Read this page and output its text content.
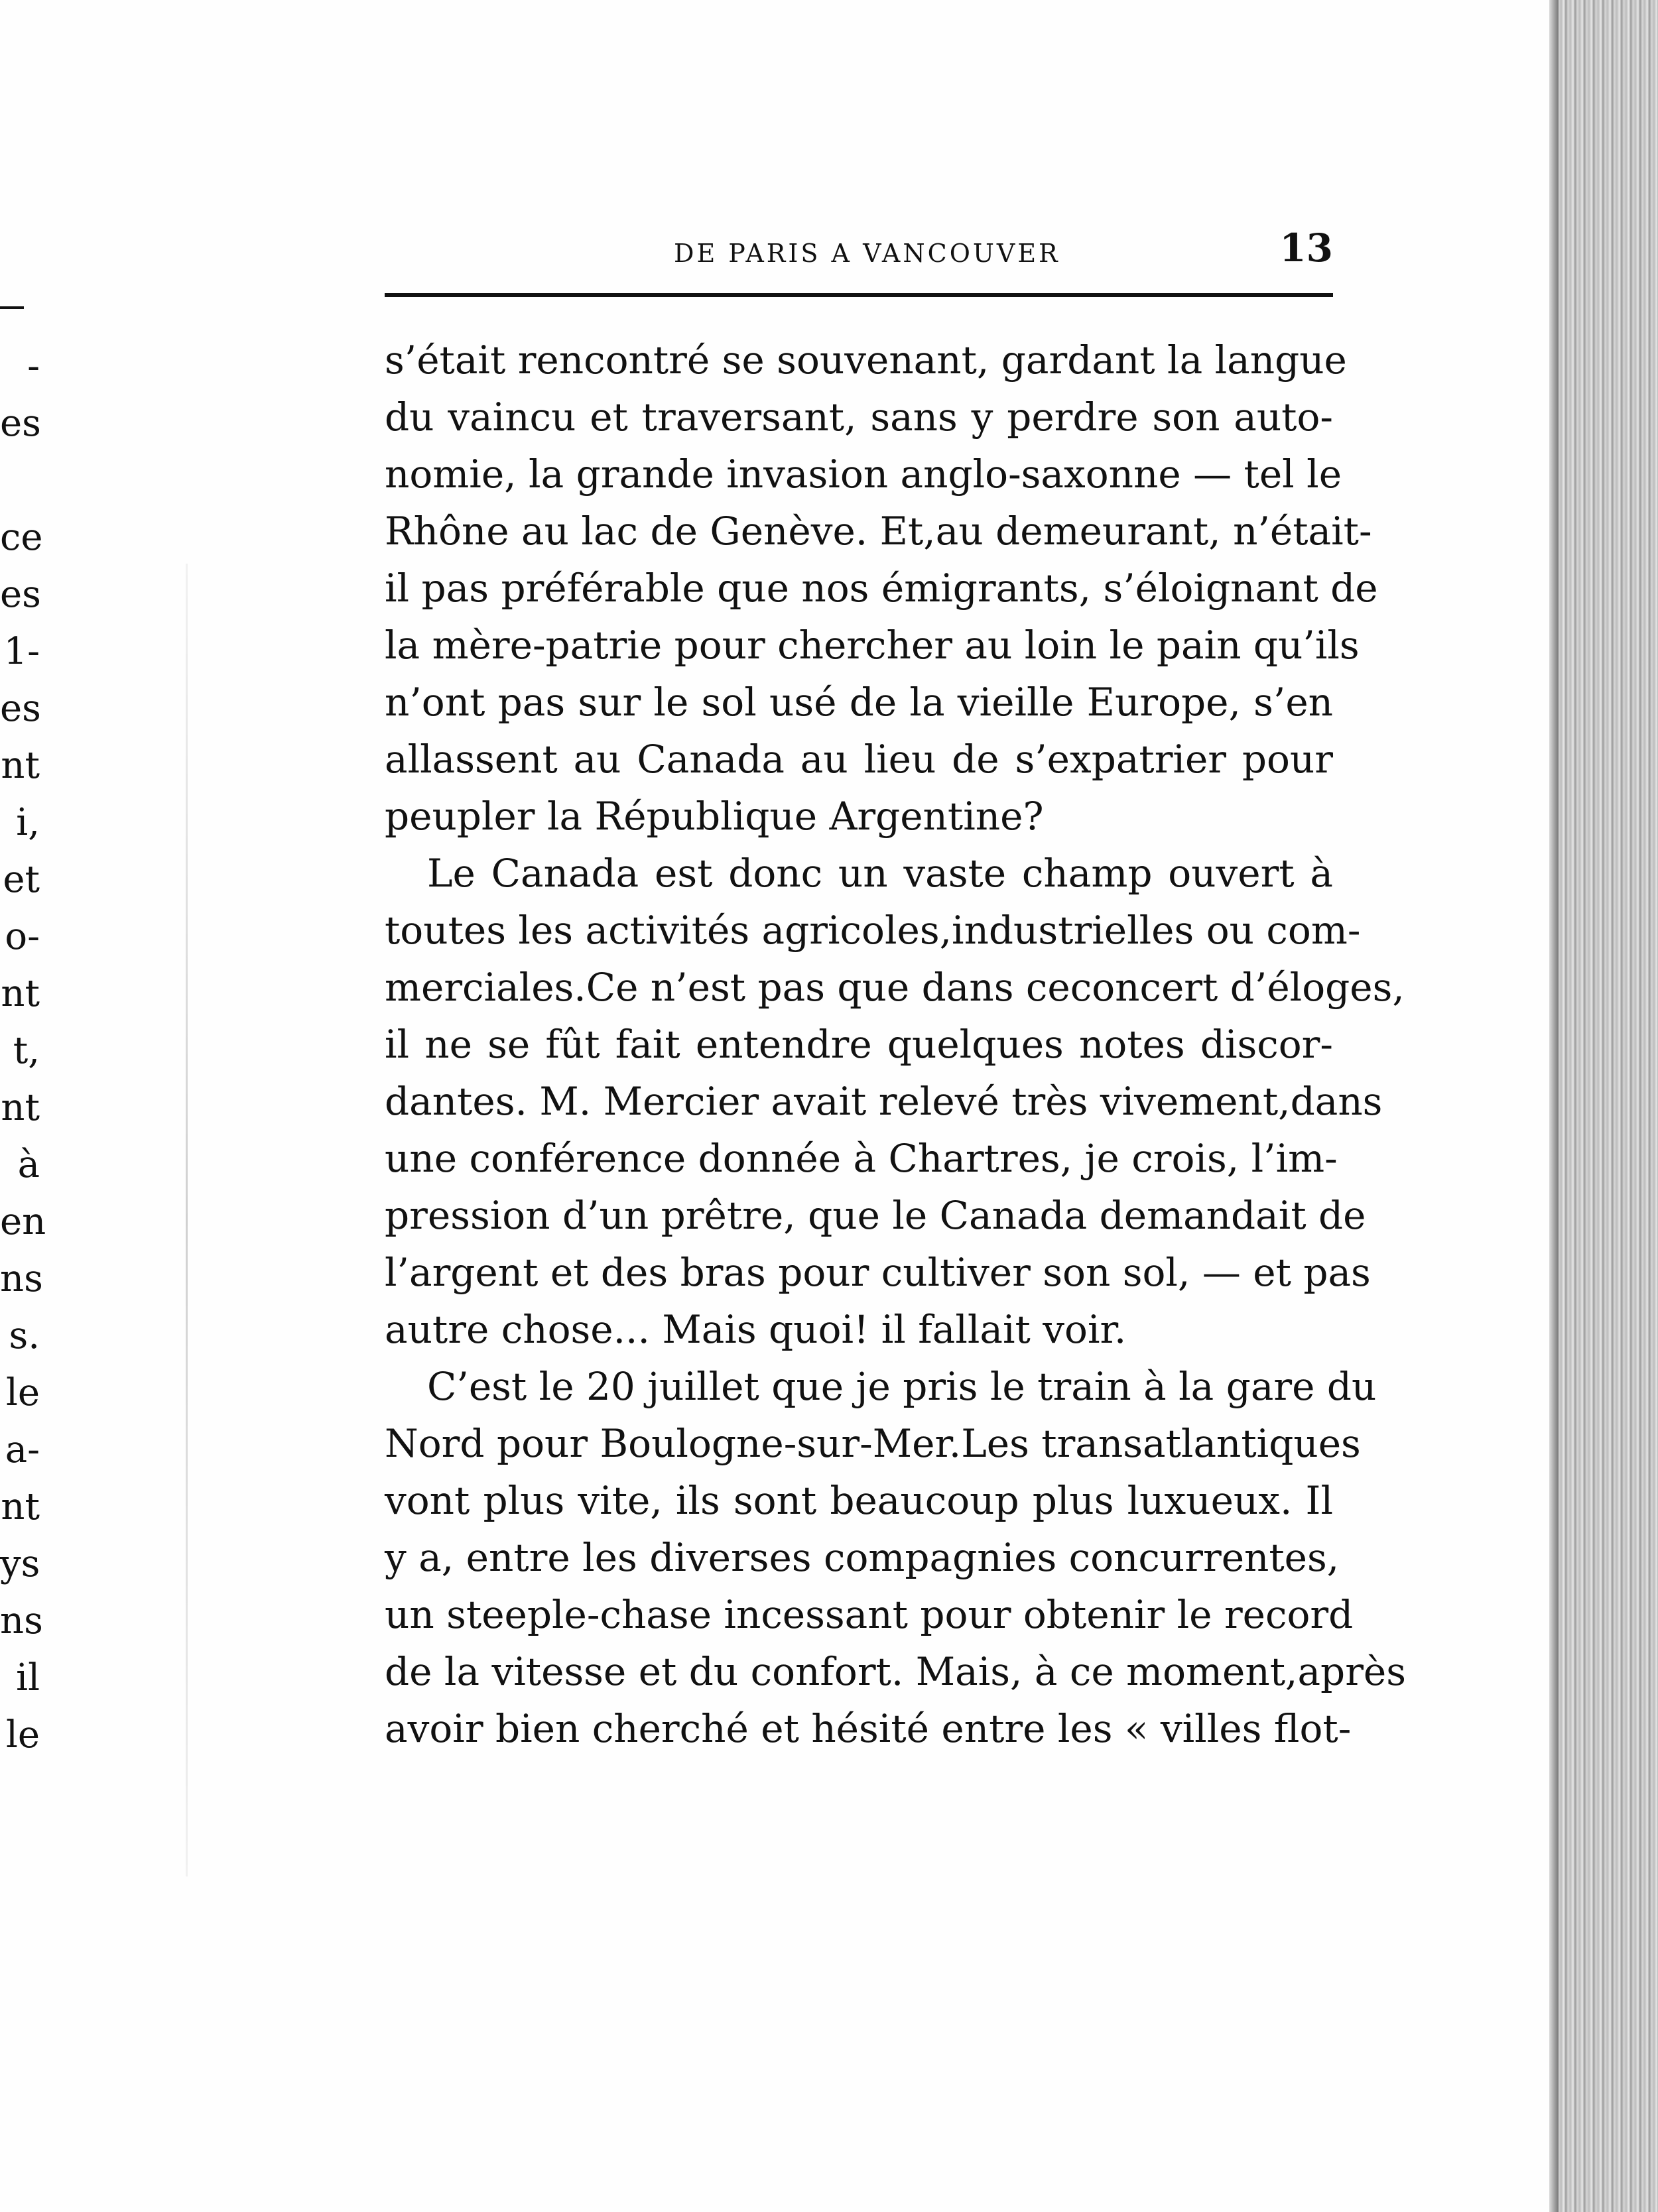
-
es
ce
es
1-
es
nt
i,
et
o-
nt
t,
nt
à
en
ns
s.
le
a-
nt
ys
ns
il
le
DE PARIS A VANCOUVER	13
s’était rencontré se souvenant, gardant la langue
du vaincu et traversant, sans y perdre son auto-
nomie, la grande invasion anglo-saxonne — tel le
Rhône au lac de Genève. Et,au demeurant, n’était-
il pas préférable que nos émigrants, s’éloignant de
la mère-patrie pour chercher au loin le pain qu’ils
n’ont pas sur le sol usé de la vieille Europe, s’en
allassent au Canada au lieu de s’expatrier pour
peupler la République Argentine?
Le Canada est donc un vaste champ ouvert à
toutes les activités agricoles,industrielles ou com-
merciales.Ce n’est pas que dans ceconcert d’éloges,
il ne se fût fait entendre quelques notes discor-
dantes. M. Mercier avait relevé très vivement,dans
une conférence donnée à Chartres, je crois, l’im-
pression d’un prêtre, que le Canada demandait de
l’argent et des bras pour cultiver son sol, — et pas
autre chose... Mais quoi! il fallait voir.
C’est le 20 juillet que je pris le train à la gare du
Nord pour Boulogne-sur-Mer.Les transatlantiques
vont plus vite, ils sont beaucoup plus luxueux. Il
y a, entre les diverses compagnies concurrentes,
un steeple-chase incessant pour obtenir le record
de la vitesse et du confort. Mais, à ce moment,après
avoir bien cherché et hésité entre les « villes flot-
